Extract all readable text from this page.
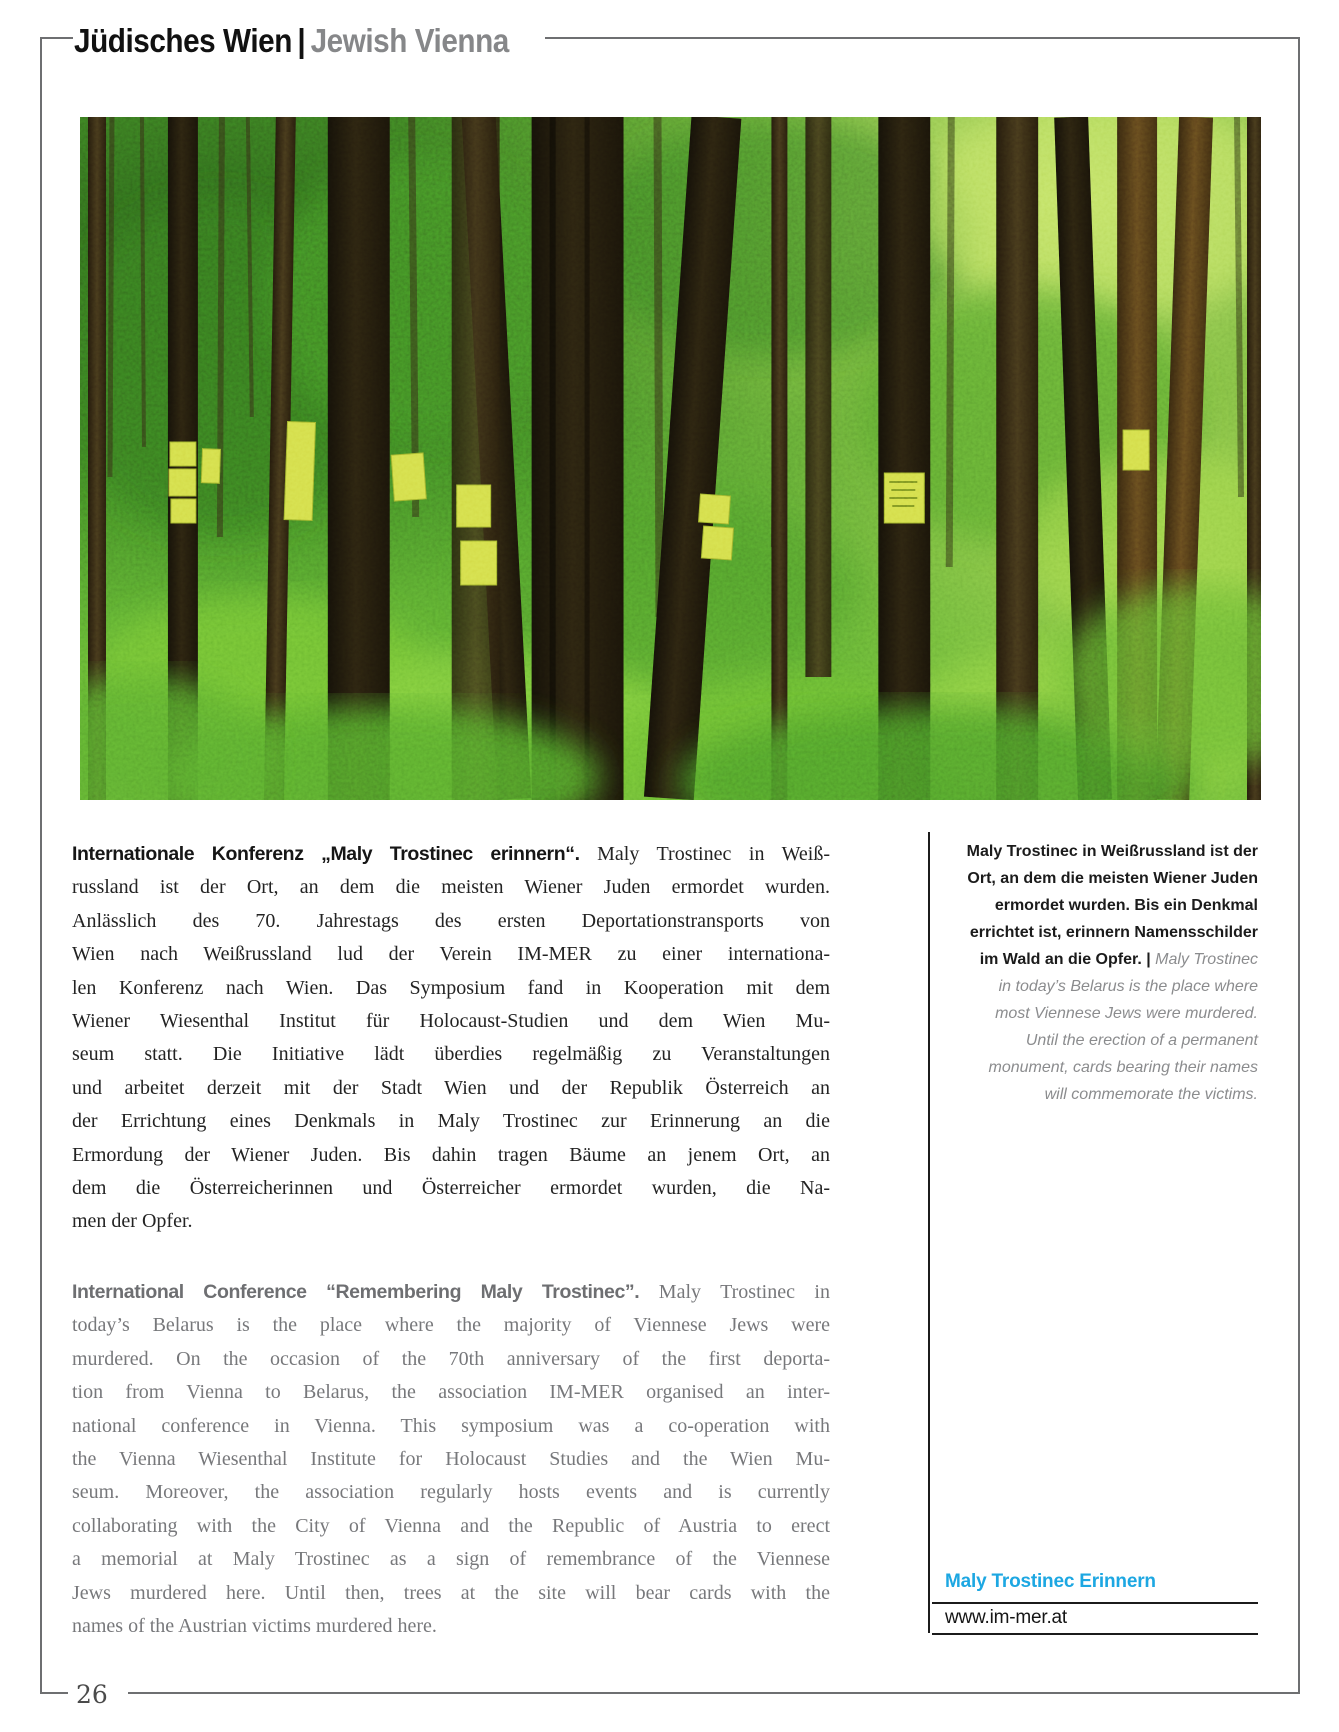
Jüdisches Wien | Jewish Vienna
Internationale Konferenz „Maly Trostinec erinnern“. Maly Trostinec in Weiß-
russland ist der Ort, an dem die meisten Wiener Juden ermordet wurden.
Anlässlich des 70. Jahrestags des ersten Deportationstransports von
Wien nach Weißrussland lud der Verein IM-MER zu einer internationa-
len Konferenz nach Wien. Das Symposium fand in Kooperation mit dem
Wiener Wiesenthal Institut für Holocaust-Studien und dem Wien Mu-
seum statt. Die Initiative lädt überdies regelmäßig zu Veranstaltungen
und arbeitet derzeit mit der Stadt Wien und der Republik Österreich an
der Errichtung eines Denkmals in Maly Trostinec zur Erinnerung an die
Ermordung der Wiener Juden. Bis dahin tragen Bäume an jenem Ort, an
dem die Österreicherinnen und Österreicher ermordet wurden, die Na-
men der Opfer.
International Conference “Remembering Maly Trostinec”. Maly Trostinec in
today’s Belarus is the place where the majority of Viennese Jews were
murdered. On the occasion of the 70th anniversary of the first deporta-
tion from Vienna to Belarus, the association IM-MER organised an inter-
national conference in Vienna. This symposium was a co-operation with
the Vienna Wiesenthal Institute for Holocaust Studies and the Wien Mu-
seum. Moreover, the association regularly hosts events and is currently
collaborating with the City of Vienna and the Republic of Austria to erect
a memorial at Maly Trostinec as a sign of remembrance of the Viennese
Jews murdered here. Until then, trees at the site will bear cards with the
names of the Austrian victims murdered here.
Maly Trostinec in Weißrussland ist der
Ort, an dem die meisten Wiener Juden
ermordet wurden. Bis ein Denkmal
errichtet ist, erinnern Namensschilder
im Wald an die Opfer. | Maly Trostinec
in today’s Belarus is the place where
most Viennese Jews were murdered.
Until the erection of a permanent
monument, cards bearing their names
will commemorate the victims.
Maly Trostinec Erinnern
www.im-mer.at
26
